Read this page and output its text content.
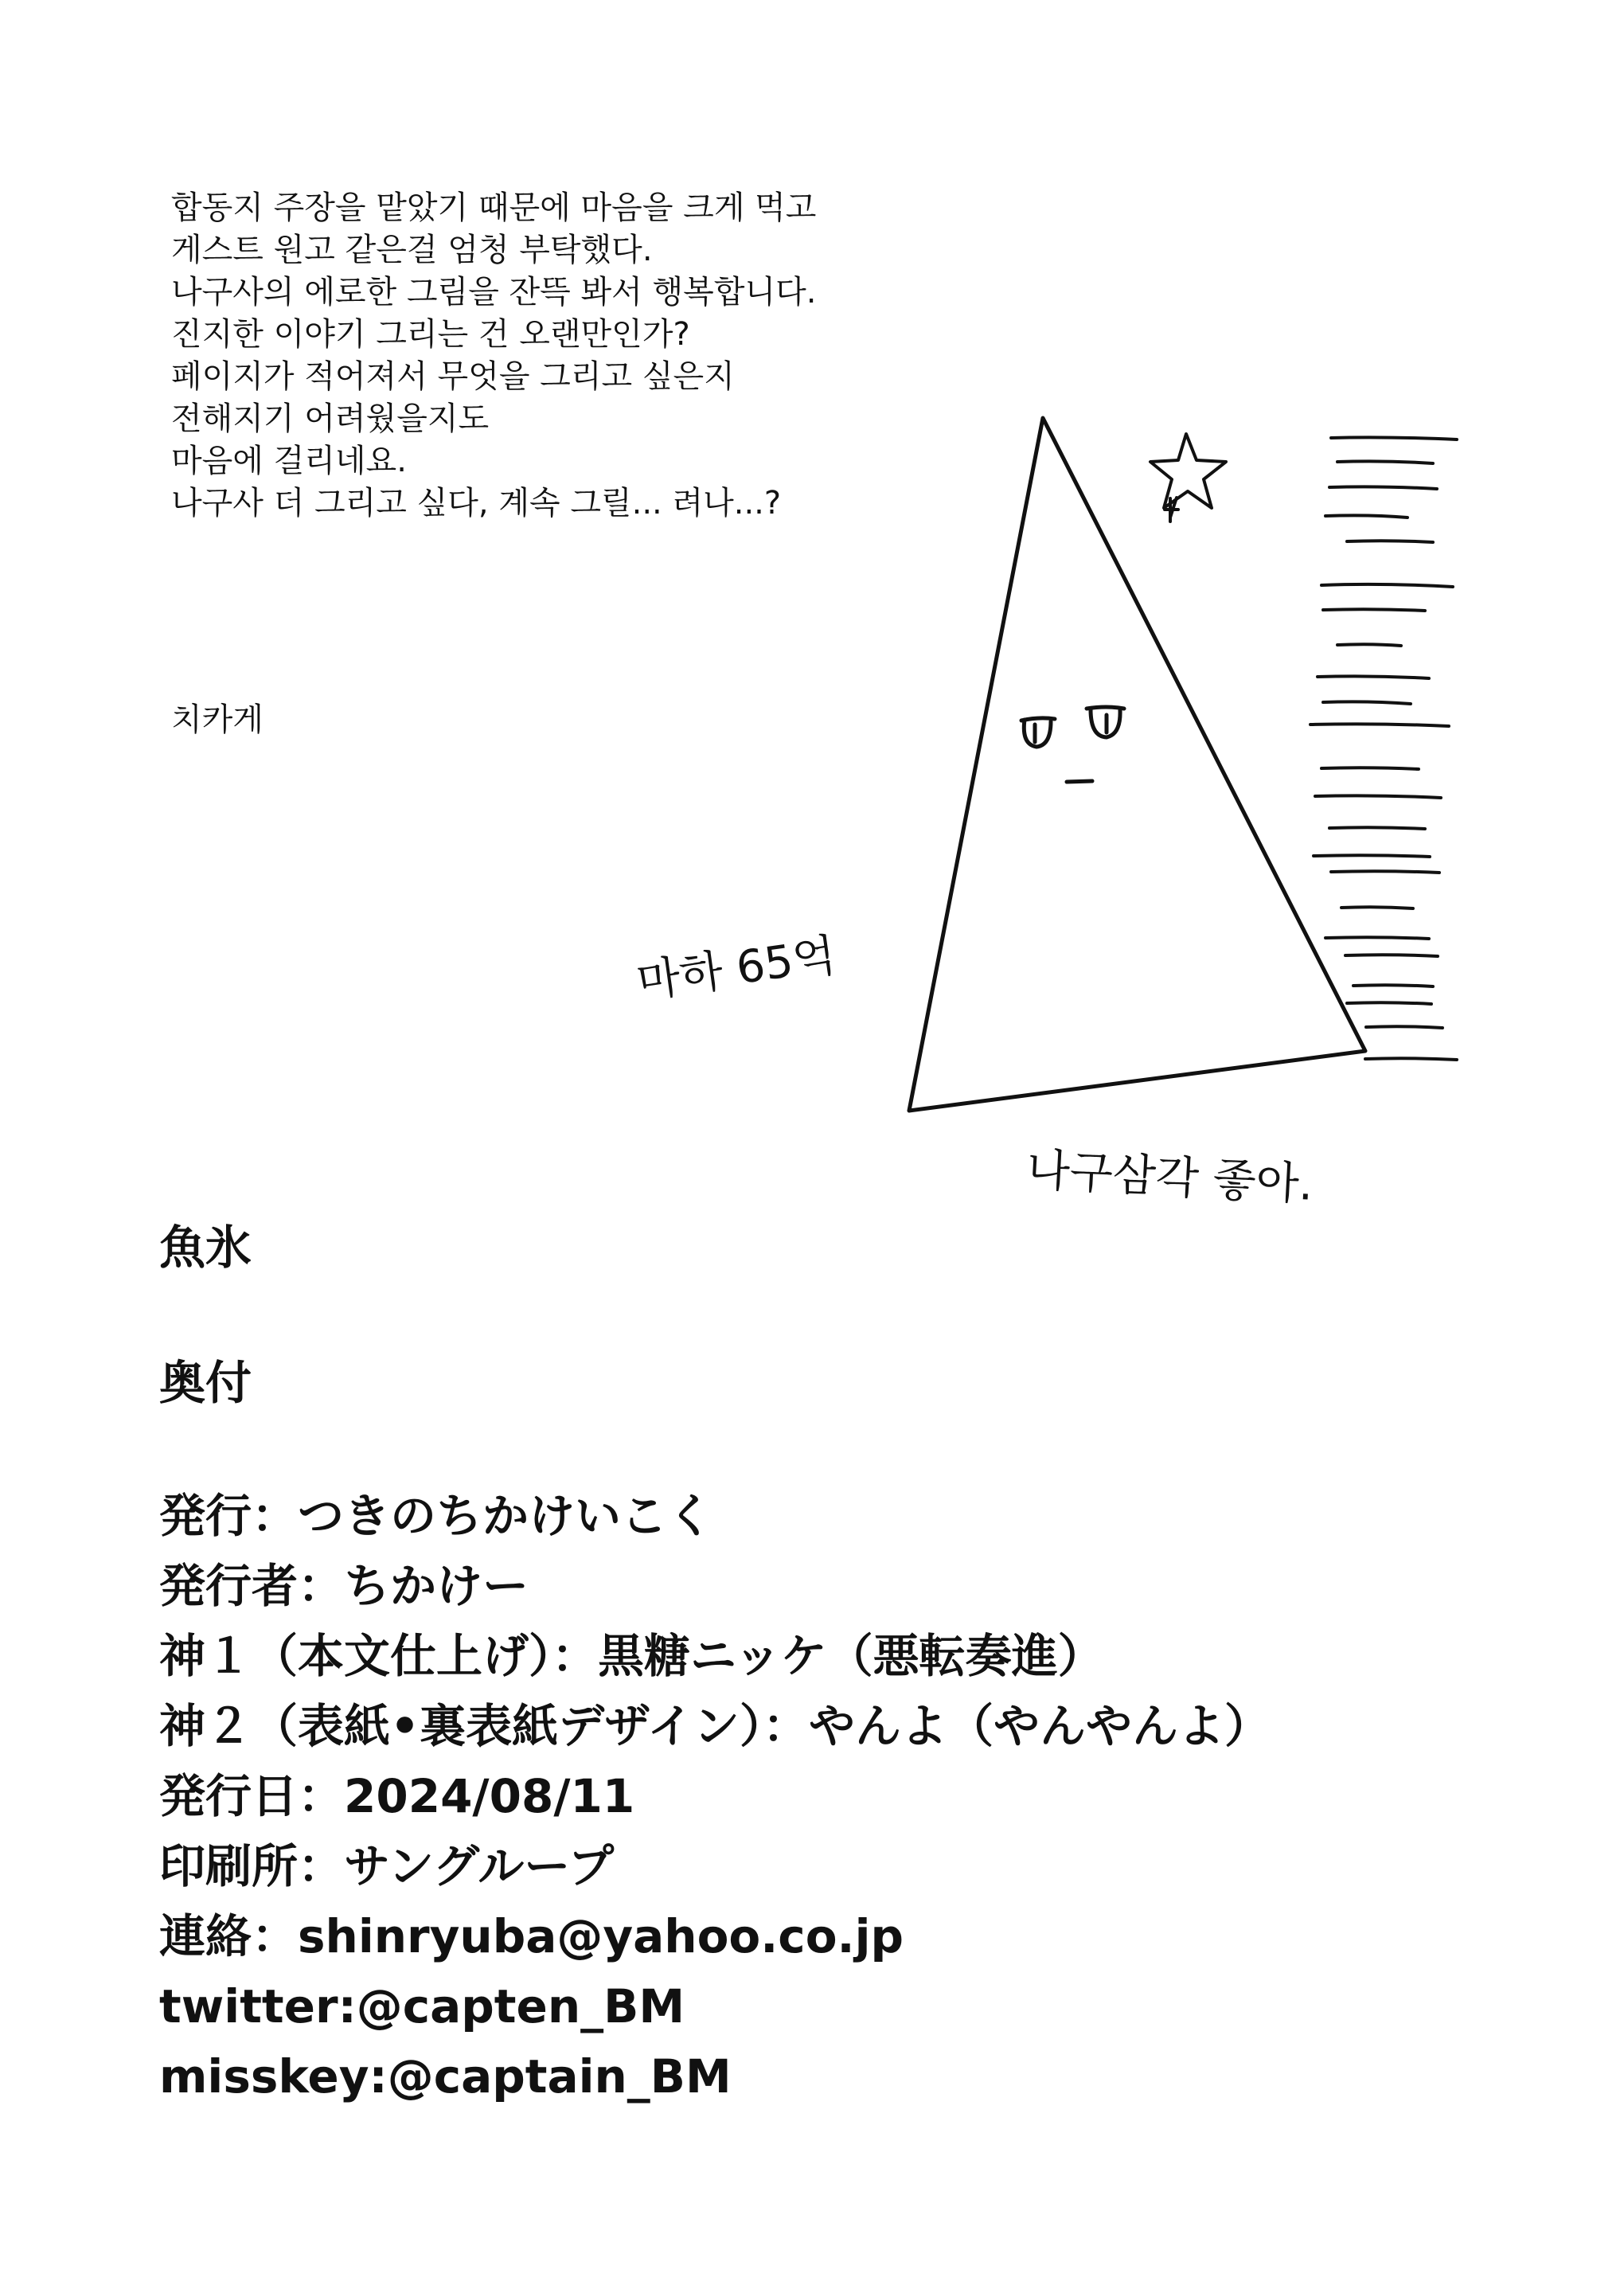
합동지 주장을 맡았기 때문에 마음을 크게 먹고
게스트 원고 같은걸 엄청 부탁했다.
나구사의 에로한 그림을 잔뜩 봐서 행복합니다.
진지한 이야기 그리는 건 오랜만인가?
페이지가 적어져서 무엇을 그리고 싶은지
전해지기 어려웠을지도
마음에 걸리네요.
나구사 더 그리고 싶다, 계속 그릴... 려나...?
치카게
마하 65억
나구삼각 좋아.
魚氷
奥付
発行：つきのちかけいこく
発行者：ちかけー
神１（本文仕上げ）：黒糖ニッケ（悪転奏進）
神２（表紙•裏表紙デザイン）：やんよ（やんやんよ）
発行日：2024/08/11
印刷所：サングループ
連絡：shinryuba@yahoo.co.jp
twitter:@capten_BM
misskey:@captain_BM
